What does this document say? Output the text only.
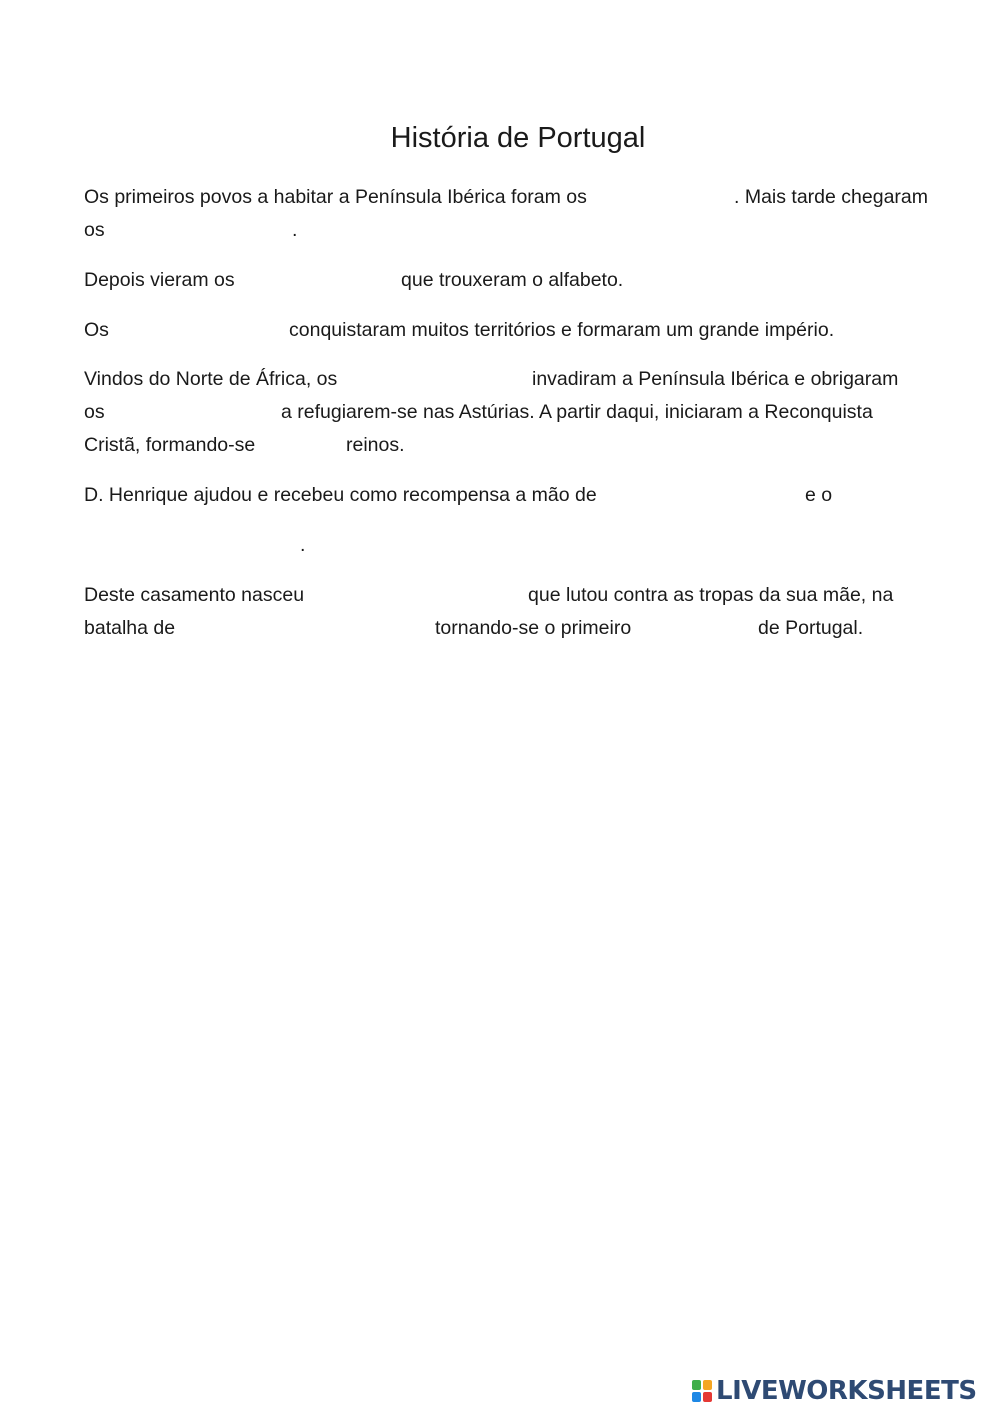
História de Portugal
Os primeiros povos a habitar a Península Ibérica foram os	. Mais tarde chegaram
os	.
Depois vieram os	que trouxeram o alfabeto.
Os	conquistaram muitos territórios e formaram um grande império.
Vindos do Norte de África, os	invadiram a Península Ibérica e obrigaram
os	a refugiarem-se nas Astúrias. A partir daqui, iniciaram a Reconquista
Cristã, formando-se	reinos.
D. Henrique ajudou e recebeu como recompensa a mão de	e o
.
Deste casamento nasceu	que lutou contra as tropas da sua mãe, na
batalha de	tornando-se o primeiro	de Portugal.
LIVEWORKSHEETS
